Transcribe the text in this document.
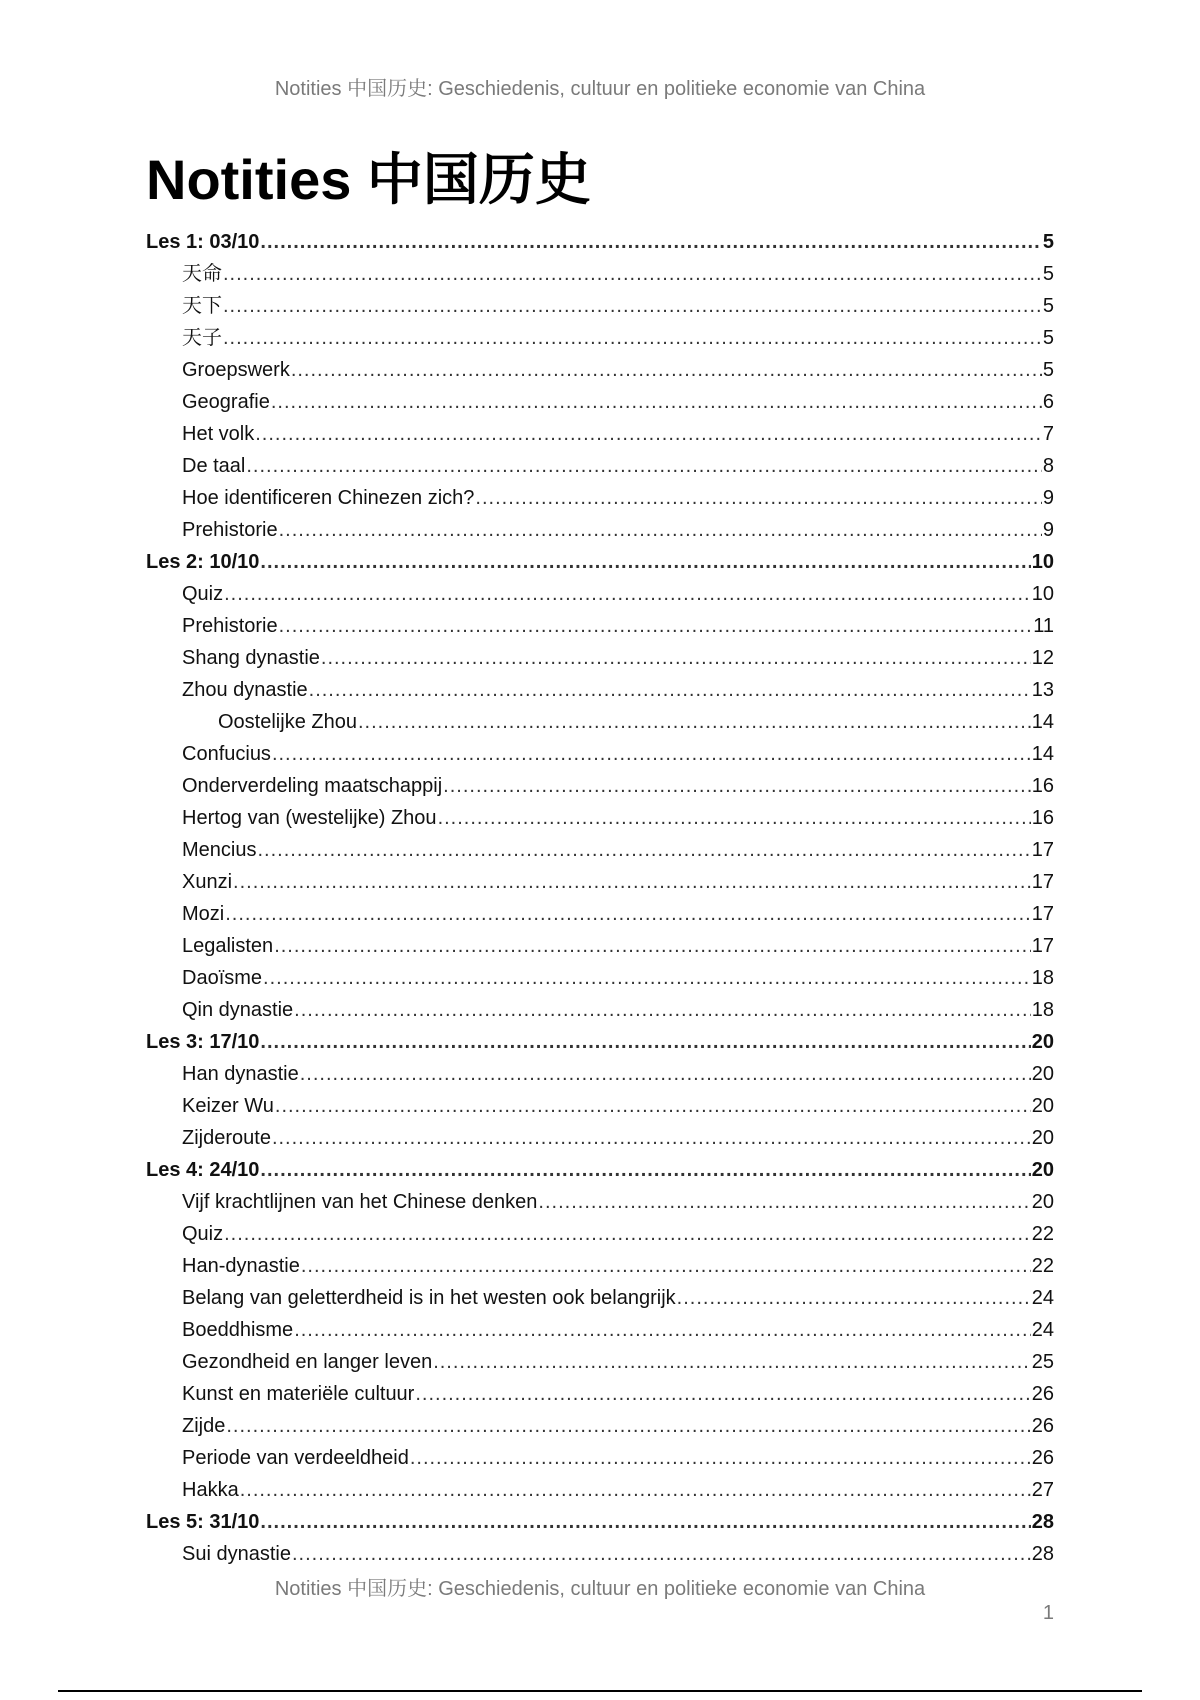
Notities 中国历史: Geschiedenis, cultuur en politieke economie van China
Notities 中国历史
Les 1: 03/10 .....	5
天命 .....	5
天下 .....	5
天子 .....	5
Groepswerk .....	5
Geografie .....	6
Het volk .....	7
De taal .....	8
Hoe identificeren Chinezen zich? .....	9
Prehistorie .....	9
Les 2: 10/10 .....	10
Quiz .....	10
Prehistorie .....	11
Shang dynastie .....	12
Zhou dynastie .....	13
Oostelijke Zhou .....	14
Confucius .....	14
Onderverdeling maatschappij .....	16
Hertog van (westelijke) Zhou .....	16
Mencius .....	17
Xunzi .....	17
Mozi .....	17
Legalisten .....	17
Daoïsme .....	18
Qin dynastie .....	18
Les 3: 17/10 .....	20
Han dynastie .....	20
Keizer Wu .....	20
Zijderoute .....	20
Les 4: 24/10 .....	20
Vijf krachtlijnen van het Chinese denken .....	20
Quiz .....	22
Han-dynastie .....	22
Belang van geletterdheid is in het westen ook belangrijk .....	24
Boeddhisme .....	24
Gezondheid en langer leven .....	25
Kunst en materiële cultuur .....	26
Zijde .....	26
Periode van verdeeldheid .....	26
Hakka .....	27
Les 5: 31/10 .....	28
Sui dynastie .....	28
Notities 中国历史: Geschiedenis, cultuur en politieke economie van China
1
